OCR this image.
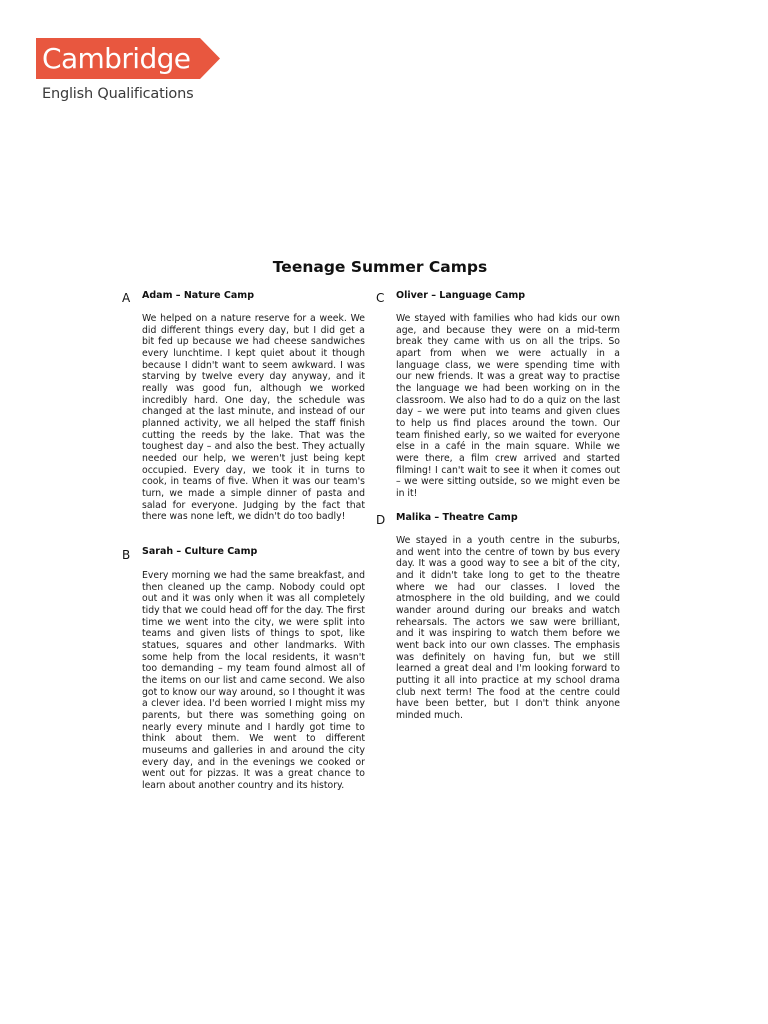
Cambridge
English Qualifications
Teenage Summer Camps
A Adam – Nature Camp

We helped on a nature reserve for a week. We did different things every day, but I did get a bit fed up because we had cheese sandwiches every lunchtime. I kept quiet about it though because I didn't want to seem awkward. I was starving by twelve every day anyway, and it really was good fun, although we worked incredibly hard. One day, the schedule was changed at the last minute, and instead of our planned activity, we all helped the staff finish cutting the reeds by the lake. That was the toughest day – and also the best. They actually needed our help, we weren't just being kept occupied. Every day, we took it in turns to cook, in teams of five. When it was our team's turn, we made a simple dinner of pasta and salad for everyone. Judging by the fact that there was none left, we didn't do too badly!

B Sarah – Culture Camp

Every morning we had the same breakfast, and then cleaned up the camp. Nobody could opt out and it was only when it was all completely tidy that we could head off for the day. The first time we went into the city, we were split into teams and given lists of things to spot, like statues, squares and other landmarks. With some help from the local residents, it wasn't too demanding – my team found almost all of the items on our list and came second. We also got to know our way around, so I thought it was a clever idea. I'd been worried I might miss my parents, but there was something going on nearly every minute and I hardly got time to think about them. We went to different museums and galleries in and around the city every day, and in the evenings we cooked or went out for pizzas. It was a great chance to learn about another country and its history.

C Oliver – Language Camp

We stayed with families who had kids our own age, and because they were on a mid-term break they came with us on all the trips. So apart from when we were actually in a language class, we were spending time with our new friends. It was a great way to practise the language we had been working on in the classroom. We also had to do a quiz on the last day – we were put into teams and given clues to help us find places around the town. Our team finished early, so we waited for everyone else in a café in the main square. While we were there, a film crew arrived and started filming! I can't wait to see it when it comes out – we were sitting outside, so we might even be in it!

D Malika – Theatre Camp

We stayed in a youth centre in the suburbs, and went into the centre of town by bus every day. It was a good way to see a bit of the city, and it didn't take long to get to the theatre where we had our classes. I loved the atmosphere in the old building, and we could wander around during our breaks and watch rehearsals. The actors we saw were brilliant, and it was inspiring to watch them before we went back into our own classes. The emphasis was definitely on having fun, but we still learned a great deal and I'm looking forward to putting it all into practice at my school drama club next term! The food at the centre could have been better, but I don't think anyone minded much.
